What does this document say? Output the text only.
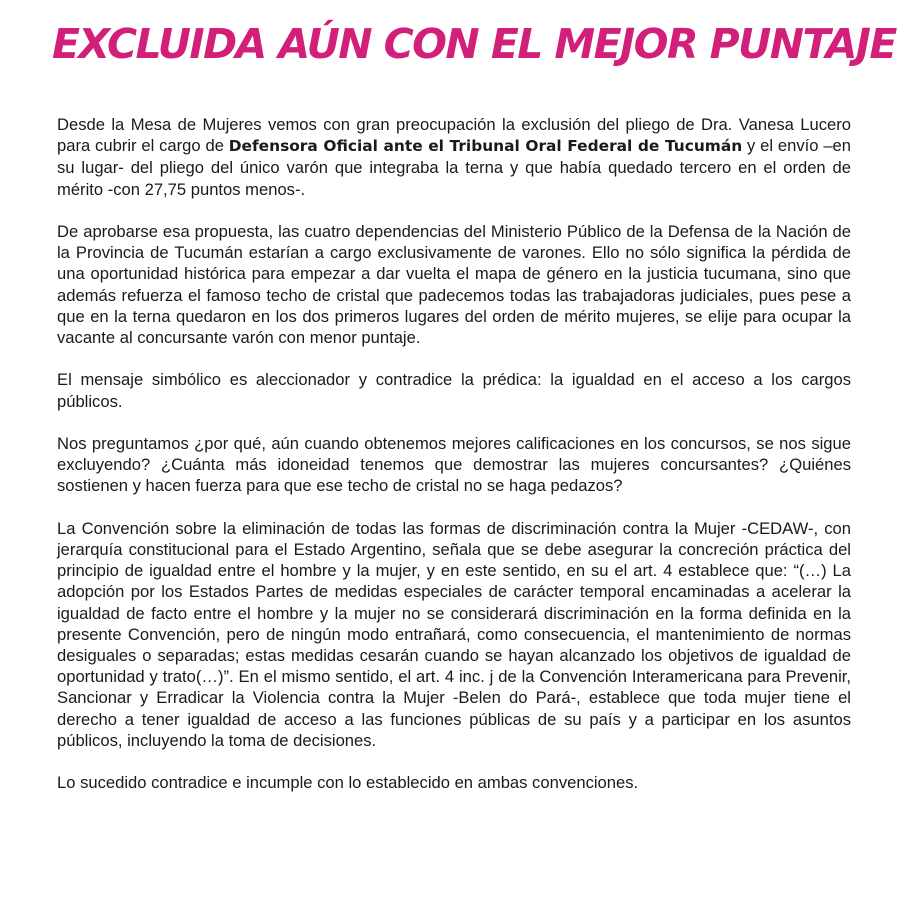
EXCLUIDA AÚN CON EL MEJOR PUNTAJE

Desde la Mesa de Mujeres vemos con gran preocupación la exclusión del pliego de Dra. Vanesa Lucero para cubrir el cargo de Defensora Oficial ante el Tribunal Oral Federal de Tucumán y el envío –en su lugar- del pliego del único varón que integraba la terna y que había quedado tercero en el orden de mérito -con 27,75 puntos menos-.

De aprobarse esa propuesta, las cuatro dependencias del Ministerio Público de la Defensa de la Nación de la Provincia de Tucumán estarían a cargo exclusivamente de varones. Ello no sólo significa la pérdida de una oportunidad histórica para empezar a dar vuelta el mapa de género en la justicia tucumana, sino que además refuerza el famoso techo de cristal que padecemos todas las trabajadoras judiciales, pues pese a que en la terna quedaron en los dos primeros lugares del orden de mérito mujeres, se elije para ocupar la vacante al concursante varón con menor puntaje.

El mensaje simbólico es aleccionador y contradice la prédica: la igualdad en el acceso a los cargos públicos.

Nos preguntamos ¿por qué, aún cuando obtenemos mejores calificaciones en los concursos, se nos sigue excluyendo? ¿Cuánta más idoneidad tenemos que demostrar las mujeres concursantes? ¿Quiénes sostienen y hacen fuerza para que ese techo de cristal no se haga pedazos?

La Convención sobre la eliminación de todas las formas de discriminación contra la Mujer -CEDAW-, con jerarquía constitucional para el Estado Argentino, señala que se debe asegurar la concreción práctica del principio de igualdad entre el hombre y la mujer, y en este sentido, en su el art. 4 establece que: “(…) La adopción por los Estados Partes de medidas especiales de carácter temporal encaminadas a acelerar la igualdad de facto entre el hombre y la mujer no se considerará discriminación en la forma definida en la presente Convención, pero de ningún modo entrañará, como consecuencia, el mantenimiento de normas desiguales o separadas; estas medidas cesarán cuando se hayan alcanzado los objetivos de igualdad de oportunidad y trato(…)”. En el mismo sentido, el art. 4 inc. j de la Convención Interamericana para Prevenir, Sancionar y Erradicar la Violencia contra la Mujer -Belen do Pará-, establece que toda mujer tiene el derecho a tener igualdad de acceso a las funciones públicas de su país y a participar en los asuntos públicos, incluyendo la toma de decisiones.

Lo sucedido contradice e incumple con lo establecido en ambas convenciones.
